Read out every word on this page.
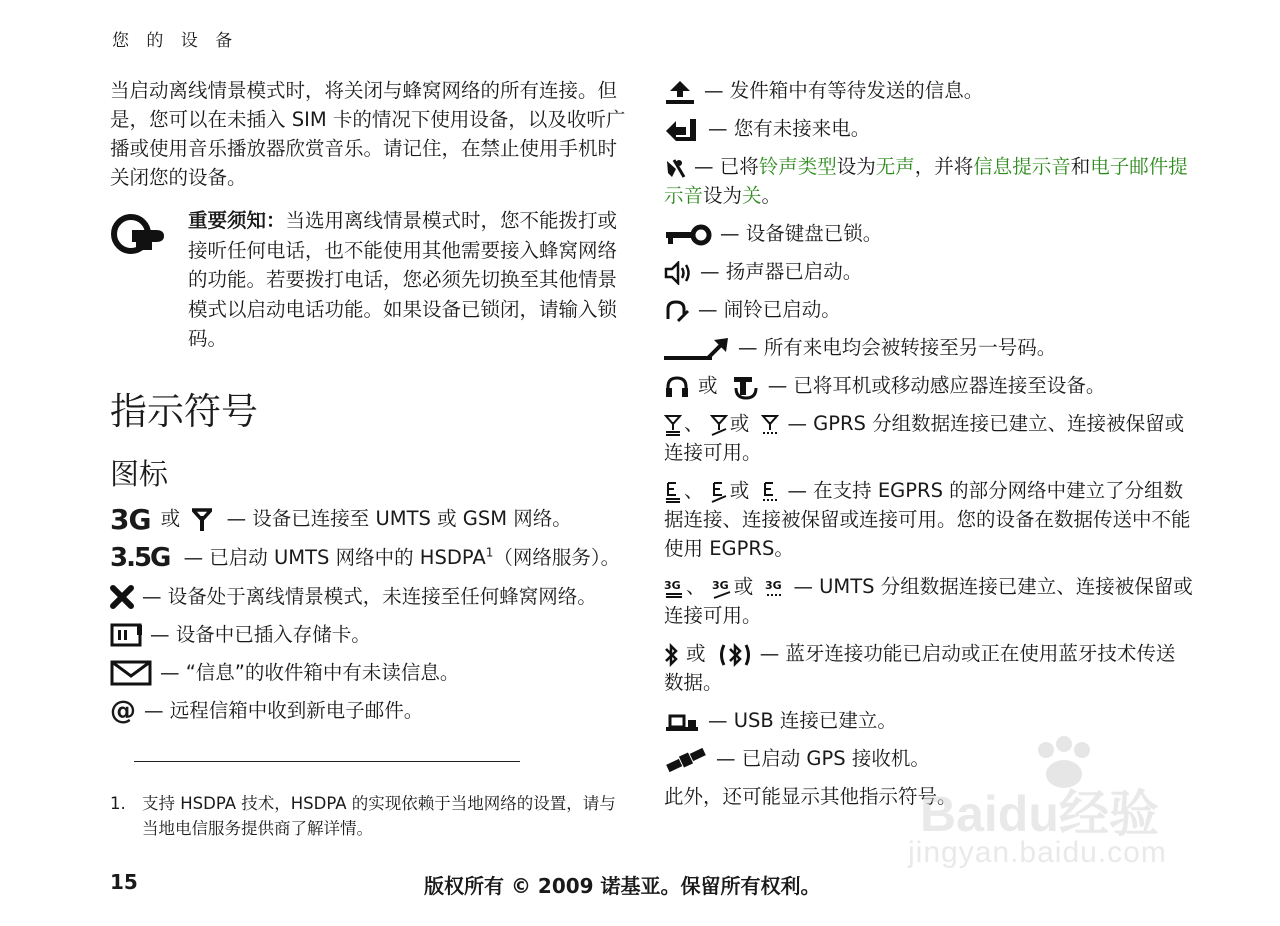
您 的 设 备

当启动离线情景模式时，将关闭与蜂窝网络的所有连接。但是，您可以在未插入 SIM 卡的情况下使用设备，以及收听广播或使用音乐播放器欣赏音乐。请记住，在禁止使用手机时关闭您的设备。

重要须知：当选用离线情景模式时，您不能拨打或接听任何电话，也不能使用其他需要接入蜂窝网络的功能。若要拨打电话，您必须先切换至其他情景模式以启动电话功能。如果设备已锁闭，请输入锁码。
指示符号
图标
3G 或 — 设备已连接至 UMTS 或 GSM 网络。
3.5G — 已启动 UMTS 网络中的 HSDPA$^1$（网络服务）。
— 设备处于离线情景模式，未连接至任何蜂窝网络。
— 设备中已插入存储卡。
— “信息”的收件箱中有未读信息。
@ — 远程信箱中收到新电子邮件。
1. 支持 HSDPA 技术，HSDPA 的实现依赖于当地网络的设置，请与当地电信服务提供商了解详情。
— 发件箱中有等待发送的信息。
— 您有未接来电。
— 已将铃声类型设为无声，并将信息提示音和电子邮件提示音设为关。
— 设备键盘已锁。
— 扬声器已启动。
— 闹铃已启动。
— 所有来电均会被转接至另一号码。
或	— 已将耳机或移动感应器连接至设备。
、 或 — GPRS 分组数据连接已建立、连接被保留或连接可用。
、 或 — 在支持 EGPRS 的部分网络中建立了分组数据连接、连接被保留或连接可用。您的设备在数据传送中不能使用 EGPRS。
3G 、 3G 或 3G — UMTS 分组数据连接已建立、连接被保留或连接可用。
或	— 蓝牙连接功能已启动或正在使用蓝牙技术传送数据。
— USB 连接已建立。
— 已启动 GPS 接收机。

此外，还可能显示其他指示符号。

Baidu经验
jingyan.baidu.com
15	版权所有 © 2009 诺基亚。保留所有权利。
